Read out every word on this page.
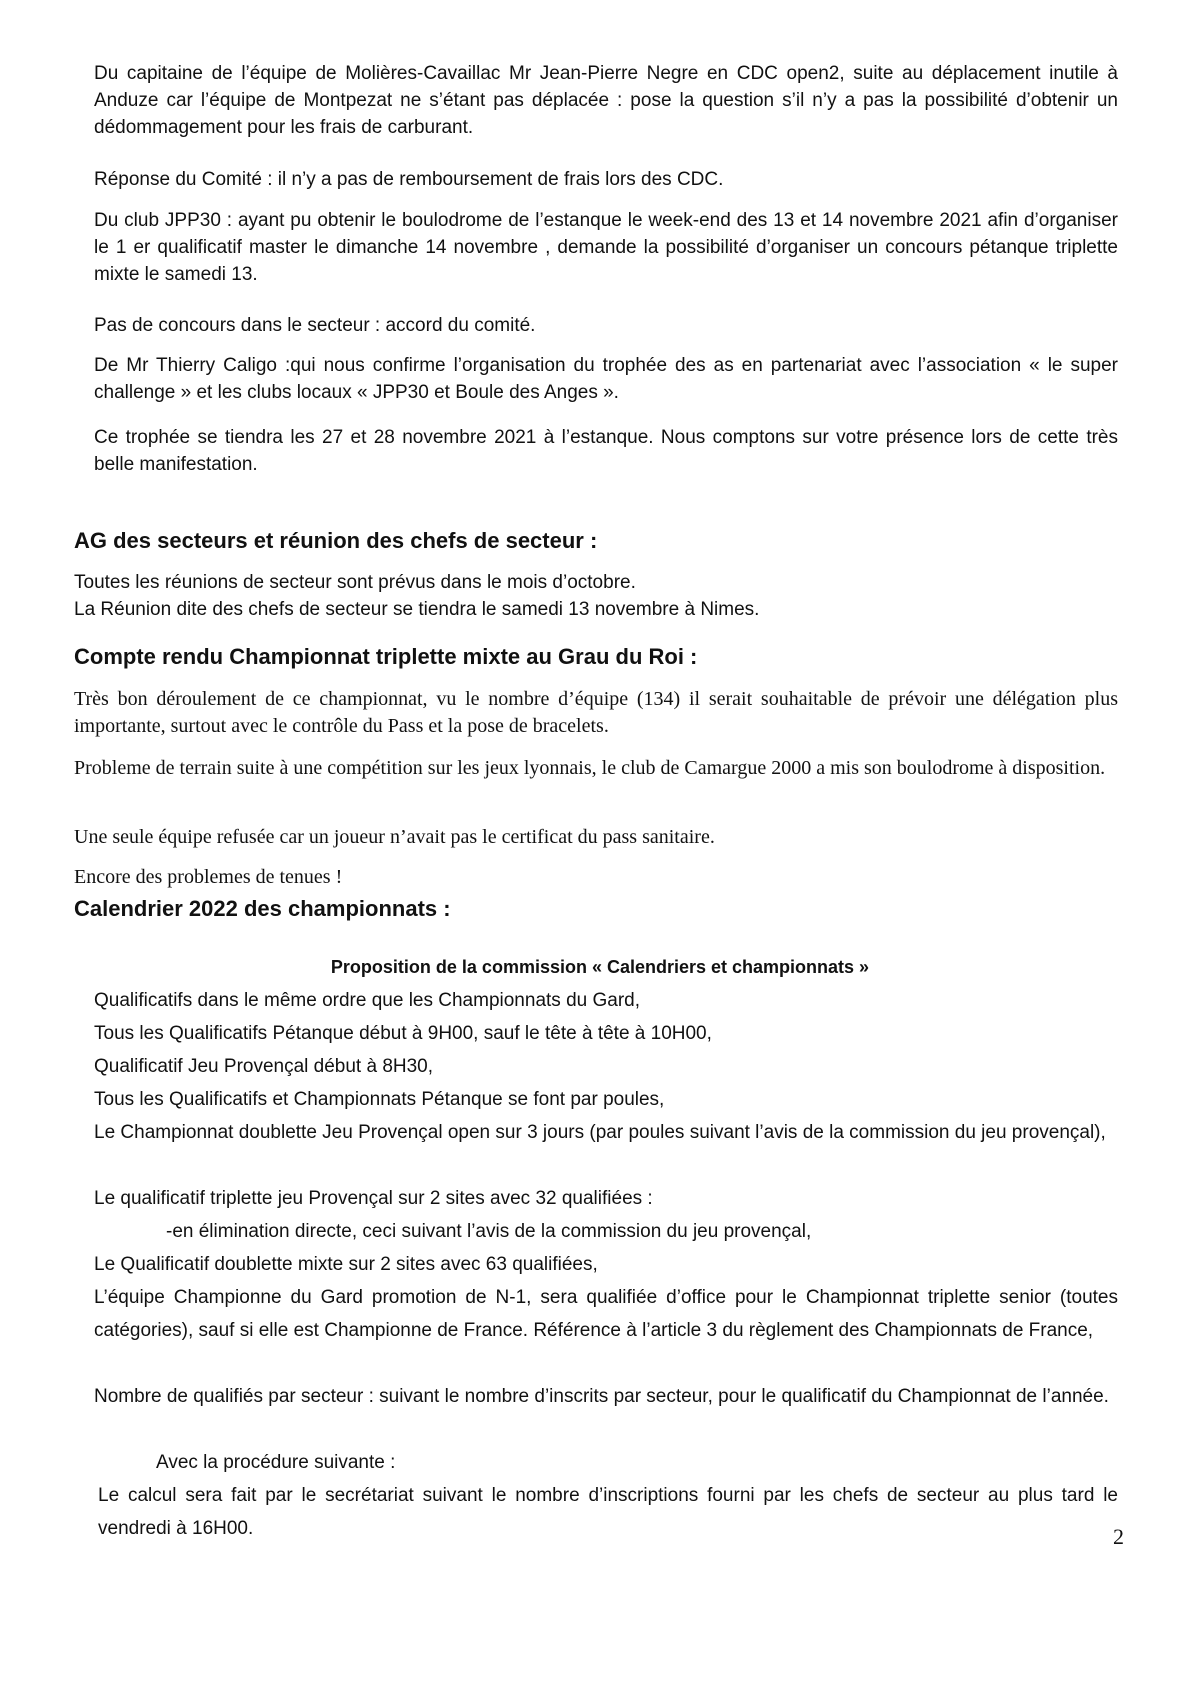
Du capitaine de l’équipe de Molières-Cavaillac Mr Jean-Pierre Negre en CDC open2, suite au déplacement inutile à Anduze car l’équipe de Montpezat ne s’étant pas déplacée : pose la question s’il n’y a pas la possibilité d’obtenir un dédommagement pour les frais de carburant.

Réponse du Comité : il n’y a pas de remboursement de frais lors des CDC.

Du club JPP30 : ayant pu obtenir le boulodrome de l’estanque le week-end des 13 et 14 novembre 2021 afin d’organiser le 1 er qualificatif master le dimanche 14 novembre , demande la possibilité d’organiser un concours pétanque triplette mixte le samedi 13.

Pas de concours dans le secteur : accord du comité.

De Mr Thierry Caligo :qui nous confirme l’organisation du trophée des as en partenariat avec l’association « le super challenge » et les clubs locaux « JPP30 et Boule des Anges ».

Ce trophée se tiendra les 27 et 28 novembre 2021 à l’estanque. Nous comptons sur votre présence lors de cette très belle manifestation.

AG des secteurs et réunion des chefs de secteur :
Toutes les réunions de secteur sont prévus dans le mois d’octobre.
La Réunion dite des chefs de secteur se tiendra le samedi 13 novembre à Nimes.
Compte rendu Championnat triplette mixte au Grau du Roi :

Très bon déroulement de ce championnat, vu le nombre d’équipe (134) il serait souhaitable de prévoir une délégation plus importante, surtout avec le contrôle du Pass et la pose de bracelets.

Probleme de terrain suite à une compétition sur les jeux lyonnais, le club de Camargue 2000 a mis son boulodrome à disposition.

Une seule équipe refusée car un joueur n’avait pas le certificat du pass sanitaire.

Encore des problemes de tenues !

Calendrier 2022 des championnats :
Proposition de la commission « Calendriers et championnats »

Qualificatifs dans le même ordre que les Championnats du Gard,

Tous les Qualificatifs Pétanque début à 9H00, sauf le tête à tête à 10H00,

Qualificatif Jeu Provençal début à 8H30,

Tous les Qualificatifs et Championnats Pétanque se font par poules,

Le Championnat doublette Jeu Provençal open sur 3 jours (par poules suivant l’avis de la commission du jeu provençal),

Le qualificatif triplette jeu Provençal sur 2 sites avec 32 qualifiées :

-en élimination directe, ceci suivant l’avis de la commission du jeu provençal,

Le Qualificatif doublette mixte sur 2 sites avec 63 qualifiées,

L’équipe Championne du Gard promotion de N-1, sera qualifiée d’office pour le Championnat triplette senior (toutes catégories), sauf si elle est Championne de France. Référence à l’article 3 du règlement des Championnats de France,

Nombre de qualifiés par secteur : suivant le nombre d’inscrits par secteur, pour le qualificatif du Championnat de l’année.

Avec la procédure suivante :

Le calcul sera fait par le secrétariat suivant le nombre d’inscriptions fourni par les chefs de secteur au plus tard le vendredi à 16H00.	2
